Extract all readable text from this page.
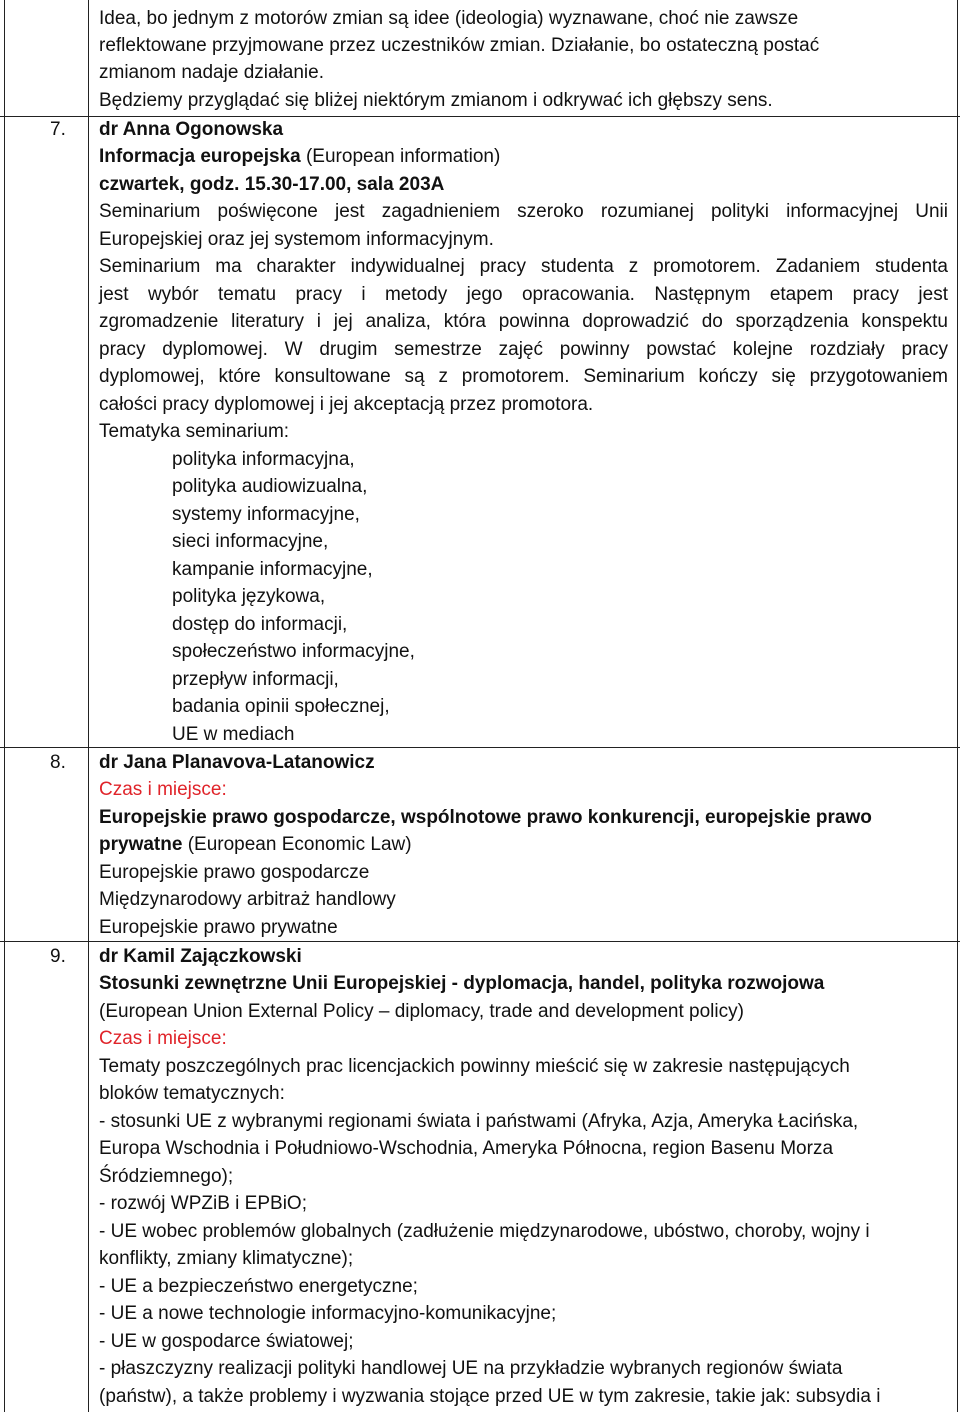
Idea, bo jednym z motorów zmian są idee (ideologia) wyznawane, choć nie zawsze
reflektowane przyjmowane przez uczestników zmian. Działanie, bo ostateczną postać
zmianom nadaje działanie.
Będziemy przyglądać się bliżej niektórym zmianom i odkrywać ich głębszy sens.
7. dr Anna Ogonowska
Informacja europejska (European information)
czwartek, godz. 15.30-17.00, sala 203A
Seminarium poświęcone jest zagadnieniem szeroko rozumianej polityki informacyjnej Unii
Europejskiej oraz jej systemom informacyjnym.
Seminarium ma charakter indywidualnej pracy studenta z promotorem. Zadaniem studenta
jest wybór tematu pracy i metody jego opracowania. Następnym etapem pracy jest
zgromadzenie literatury i jej analiza, która powinna doprowadzić do sporządzenia konspektu
pracy dyplomowej. W drugim semestrze zajęć powinny powstać kolejne rozdziały pracy
dyplomowej, które konsultowane są z promotorem. Seminarium kończy się przygotowaniem
całości pracy dyplomowej i jej akceptacją przez promotora.
Tematyka seminarium:
polityka informacyjna,
polityka audiowizualna,
systemy informacyjne,
sieci informacyjne,
kampanie informacyjne,
polityka językowa,
dostęp do informacji,
społeczeństwo informacyjne,
przepływ informacji,
badania opinii społecznej,
UE w mediach
8. dr Jana Planavova-Latanowicz
Czas i miejsce:
Europejskie prawo gospodarcze, wspólnotowe prawo konkurencji, europejskie prawo
prywatne (European Economic Law)
Europejskie prawo gospodarcze
Międzynarodowy arbitraż handlowy
Europejskie prawo prywatne
9. dr Kamil Zajączkowski
Stosunki zewnętrzne Unii Europejskiej - dyplomacja, handel, polityka rozwojowa
(European Union External Policy – diplomacy, trade and development policy)
Czas i miejsce:
Tematy poszczególnych prac licencjackich powinny mieścić się w zakresie następujących
bloków tematycznych:
- stosunki UE z wybranymi regionami świata i państwami (Afryka, Azja, Ameryka Łacińska,
Europa Wschodnia i Południowo-Wschodnia, Ameryka Północna, region Basenu Morza
Śródziemnego);
- rozwój WPZiB i EPBiO;
- UE wobec problemów globalnych (zadłużenie międzynarodowe, ubóstwo, choroby, wojny i
konflikty, zmiany klimatyczne);
- UE a bezpieczeństwo energetyczne;
- UE a nowe technologie informacyjno-komunikacyjne;
- UE w gospodarce światowej;
- płaszczyzny realizacji polityki handlowej UE na przykładzie wybranych regionów świata
(państw), a także problemy i wyzwania stojące przed UE w tym zakresie, takie jak: subsydia i
